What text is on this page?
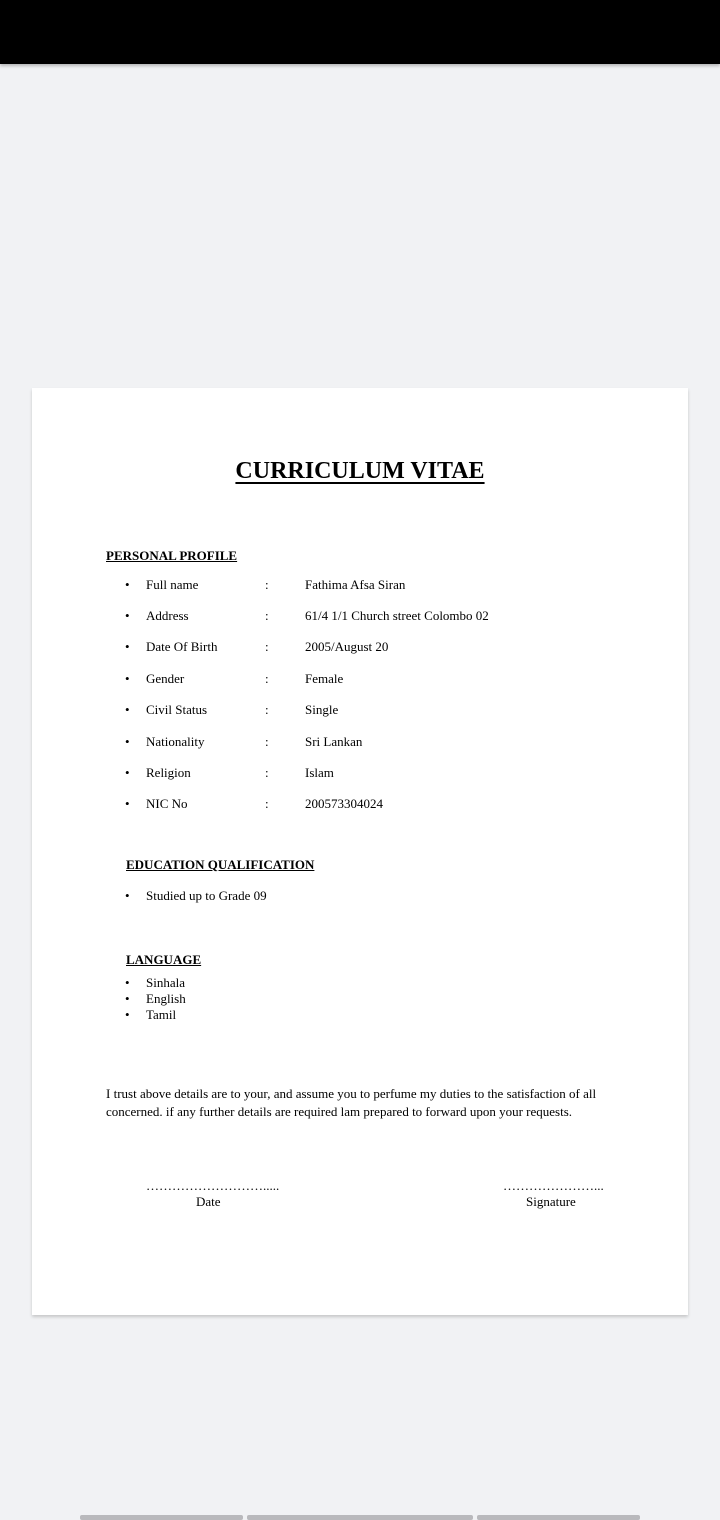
CURRICULUM VITAE
PERSONAL PROFILE
• Full name	:	Fathima Afsa Siran
• Address	:	61/4 1/1 Church street Colombo 02
• Date Of Birth	:	2005/August 20
• Gender	:	Female
• Civil Status	:	Single
• Nationality	:	Sri Lankan
• Religion	:	Islam
• NIC No	:	200573304024
EDUCATION QUALIFICATION
• Studied up to Grade 09
LANGUAGE
• Sinhala
• English
• Tamil
I trust above details are to your, and assume you to perfume my duties to the satisfaction of all concerned. if any further details are required lam prepared to forward upon your requests.
……………………….....
Date
…………………...
Signature
